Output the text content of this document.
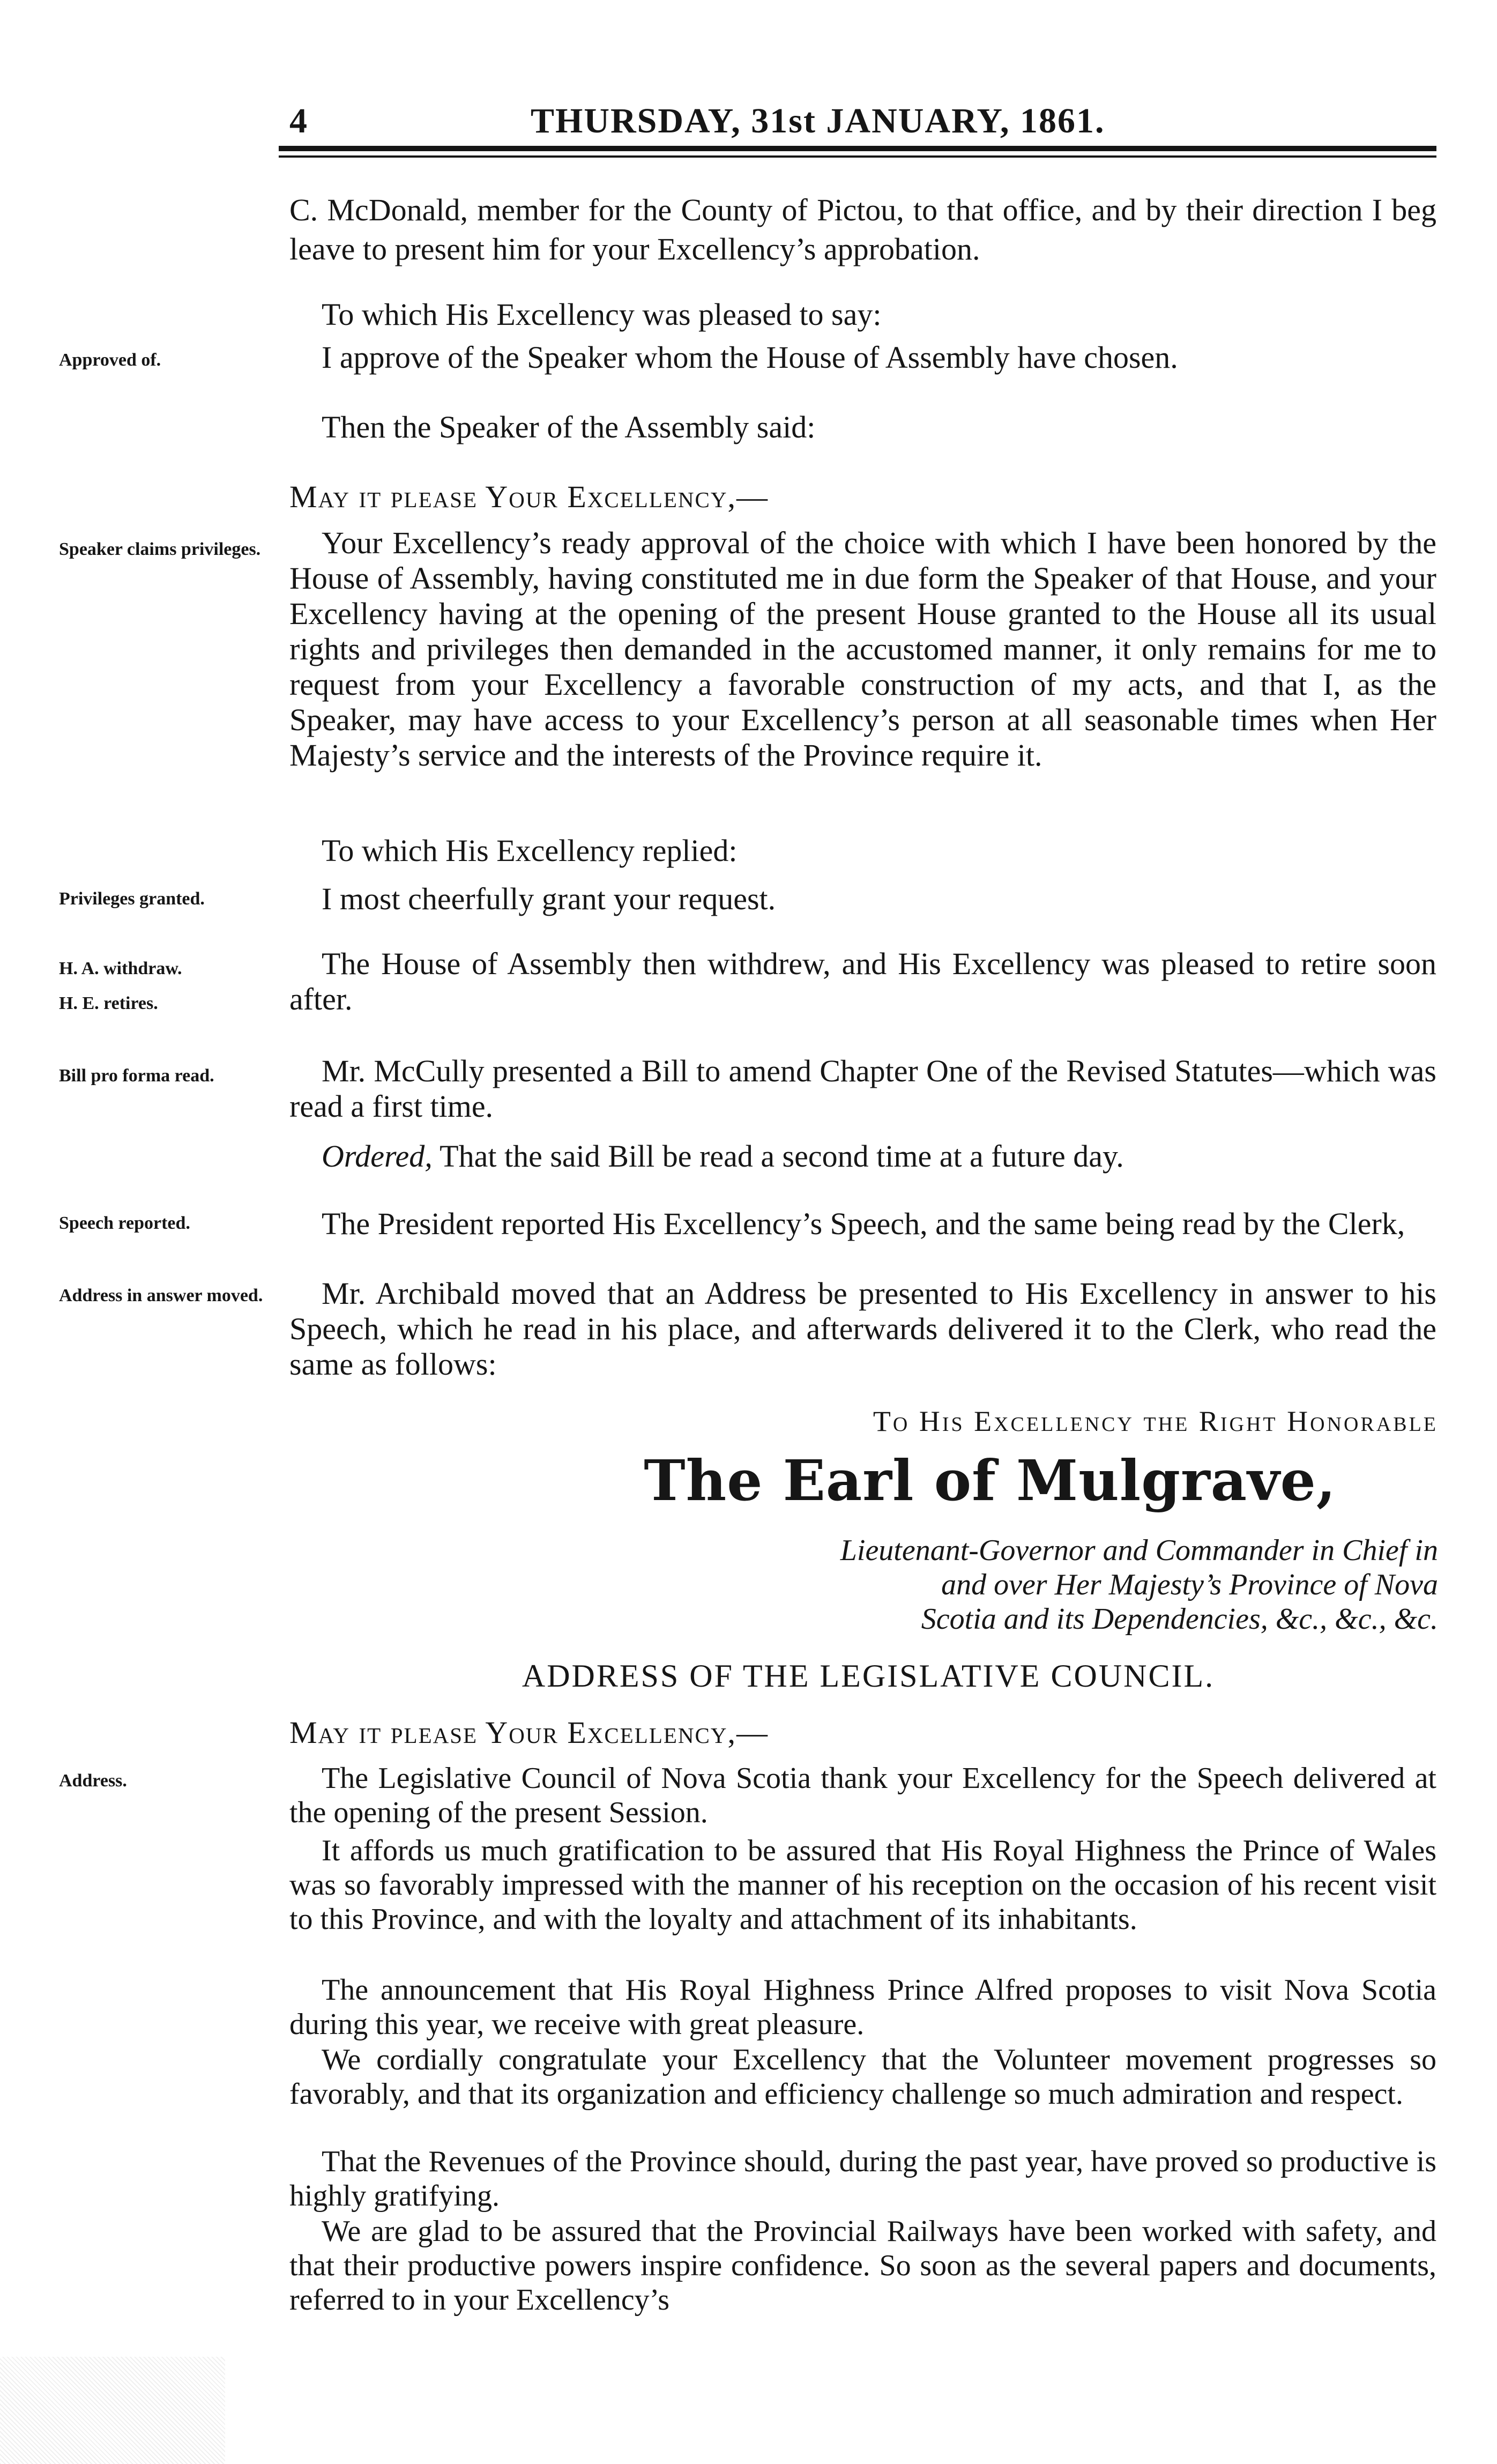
4	THURSDAY, 31st JANUARY, 1861.
C. McDonald, member for the County of Pictou, to that office, and by their direction I beg leave to present him for your Excellency’s approbation.
To which His Excellency was pleased to say:
I approve of the Speaker whom the House of Assembly have chosen.
Then the Speaker of the Assembly said:
May it please Your Excellency,—
Your Excellency’s ready approval of the choice with which I have been honored by the House of Assembly, having constituted me in due form the Speaker of that House, and your Excellency having at the opening of the present House granted to the House all its usual rights and privileges then demanded in the accustomed manner, it only remains for me to request from your Excellency a favorable construction of my acts, and that I, as the Speaker, may have access to your Excellency’s person at all seasonable times when Her Majesty’s service and the interests of the Province require it.
To which His Excellency replied:
I most cheerfully grant your request.
The House of Assembly then withdrew, and His Excellency was pleased to retire soon after.
Mr. McCully presented a Bill to amend Chapter One of the Revised Statutes—which was read a first time.
Ordered, That the said Bill be read a second time at a future day.
The President reported His Excellency’s Speech, and the same being read by the Clerk,
Mr. Archibald moved that an Address be presented to His Excellency in answer to his Speech, which he read in his place, and afterwards delivered it to the Clerk, who read the same as follows:
To His Excellency the Right Honorable
The Earl of Mulgrave,
Lieutenant-Governor and Commander in Chief in
and over Her Majesty’s Province of Nova
Scotia and its Dependencies, &c., &c., &c.
ADDRESS OF THE LEGISLATIVE COUNCIL.
May it please Your Excellency,—
The Legislative Council of Nova Scotia thank your Excellency for the Speech delivered at the opening of the present Session.
It affords us much gratification to be assured that His Royal Highness the Prince of Wales was so favorably impressed with the manner of his reception on the occasion of his recent visit to this Province, and with the loyalty and attachment of its inhabitants.
The announcement that His Royal Highness Prince Alfred proposes to visit Nova Scotia during this year, we receive with great pleasure.
We cordially congratulate your Excellency that the Volunteer movement progresses so favorably, and that its organization and efficiency challenge so much admiration and respect.
That the Revenues of the Province should, during the past year, have proved so productive is highly gratifying.
We are glad to be assured that the Provincial Railways have been worked with safety, and that their productive powers inspire confidence. So soon as the several papers and documents, referred to in your Excellency’s
Approved of.
Speaker claims privileges.
Privileges granted.
H. A. withdraw.
H. E. retires.
Bill pro forma read.
Speech reported.
Address in answer moved.
Address.
